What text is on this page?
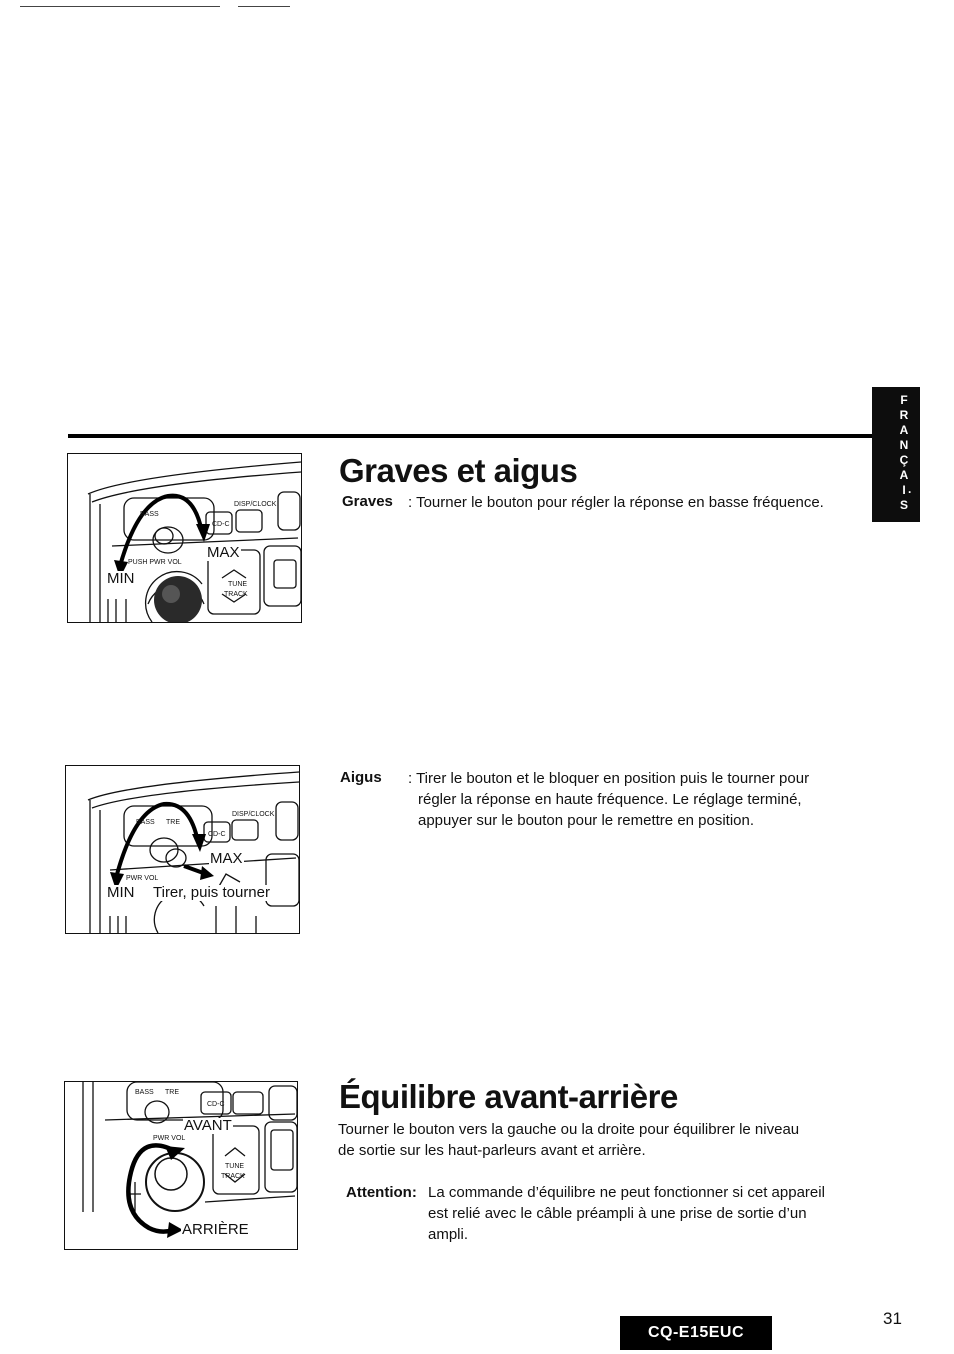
F
R
A
N
Ç
A
I
S
·
BASS
DISP/CLOCK
CD-C
PUSH PWR VOL
TUNE
TRACK
MAX
MIN
BASS TRE
DISP/CLOCK
CD-C
PWR VOL
MAX
MIN Tirer, puis tourner
BASS TRE
CD-C
PWR VOL
TUNE
TRACK
AVANT
ARRIÈRE
Graves et aigus
Graves : Tourner le bouton pour régler la réponse en basse fréquence.
Aigus : Tirer le bouton et le bloquer en position puis le tourner pour
régler la réponse en haute fréquence. Le réglage terminé,
appuyer sur le bouton pour le remettre en position.
Équilibre avant-arrière
Tourner le bouton vers la gauche ou la droite pour équilibrer le niveau
de sortie sur les haut-parleurs avant et arrière.
Attention: La commande d’équilibre ne peut fonctionner si cet appareil
est relié avec le câble préampli à une prise de sortie d’un
ampli.
CQ-E15EUC
31
